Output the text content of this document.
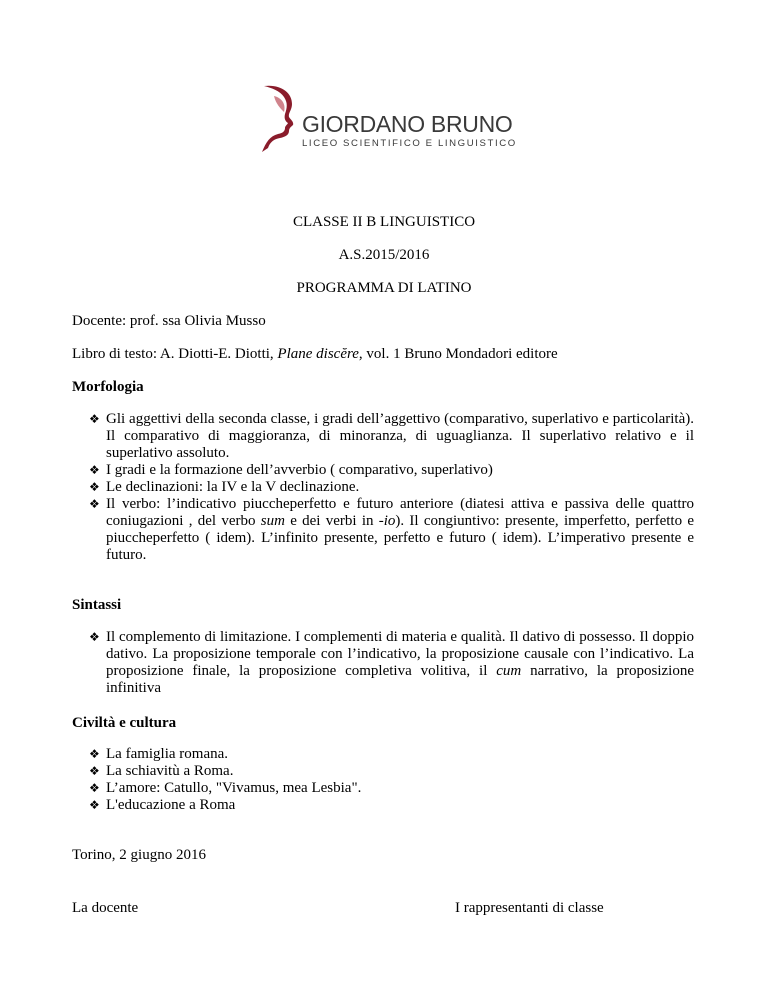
GIORDANO BRUNO
LICEO SCIENTIFICO E LINGUISTICO
CLASSE II B LINGUISTICO
A.S.2015/2016
PROGRAMMA DI LATINO
Docente: prof. ssa Olivia Musso
Libro di testo: A. Diotti-E. Diotti, Plane discĕre, vol. 1 Bruno Mondadori editore
Morfologia
❖ Gli aggettivi della seconda classe, i gradi dell’aggettivo (comparativo, superlativo e particolarità). Il comparativo di maggioranza, di minoranza, di uguaglianza. Il superlativo relativo e il superlativo assoluto.
❖ I gradi e la formazione dell’avverbio ( comparativo, superlativo)
❖ Le declinazioni: la IV e la V declinazione.
❖ Il verbo: l’indicativo piuccheperfetto e futuro anteriore (diatesi attiva e passiva delle quattro coniugazioni , del verbo sum e dei verbi in -io). Il congiuntivo: presente, imperfetto, perfetto e piuccheperfetto ( idem). L’infinito presente, perfetto e futuro ( idem). L’imperativo presente e futuro.
Sintassi
❖ Il complemento di limitazione. I complementi di materia e qualità. Il dativo di possesso. Il doppio dativo. La proposizione temporale con l’indicativo, la proposizione causale con l’indicativo. La proposizione finale, la proposizione completiva volitiva, il cum narrativo, la proposizione infinitiva
Civiltà e cultura
❖ La famiglia romana.
❖ La schiavitù a Roma.
❖ L’amore: Catullo, "Vivamus, mea Lesbia".
❖ L'educazione a Roma
Torino, 2 giugno 2016
La docente	I rappresentanti di classe
